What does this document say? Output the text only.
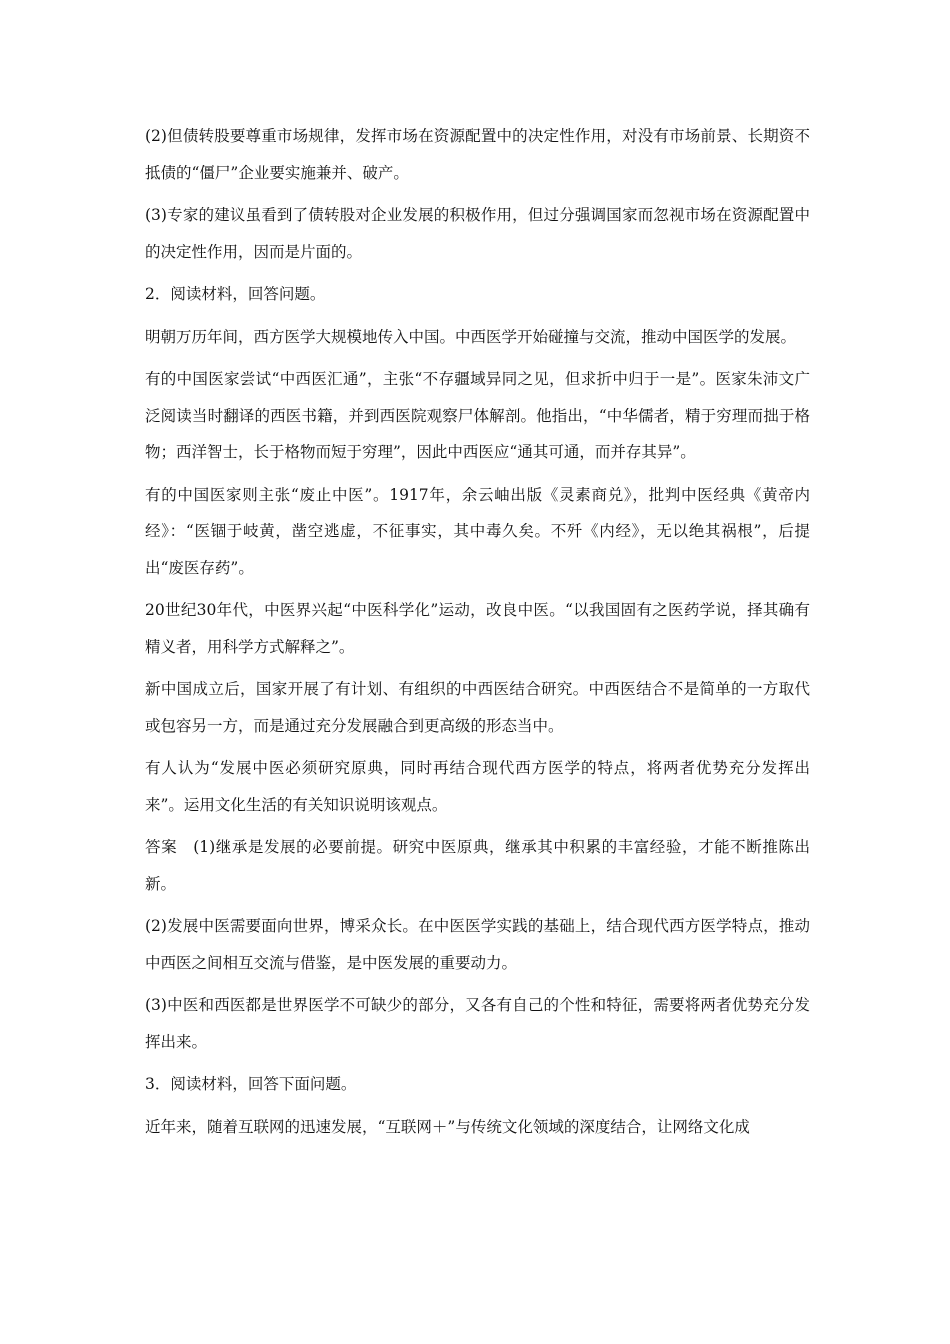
(2)但债转股要尊重市场规律，发挥市场在资源配置中的决定性作用，对没有市场前景、长期资不抵债的“僵尸”企业要实施兼并、破产。

(3)专家的建议虽看到了债转股对企业发展的积极作用，但过分强调国家而忽视市场在资源配置中的决定性作用，因而是片面的。

2．阅读材料，回答问题。

明朝万历年间，西方医学大规模地传入中国。中西医学开始碰撞与交流，推动中国医学的发展。

有的中国医家尝试“中西医汇通”，主张“不存疆域异同之见，但求折中归于一是”。医家朱沛文广泛阅读当时翻译的西医书籍，并到西医院观察尸体解剖。他指出，“中华儒者，精于穷理而拙于格物；西洋智士，长于格物而短于穷理”，因此中西医应“通其可通，而并存其异”。

有的中国医家则主张“废止中医”。1917年，余云岫出版《灵素商兑》，批判中医经典《黄帝内经》：“医锢于岐黄，凿空逃虚，不征事实，其中毒久矣。不歼《内经》，无以绝其祸根”，后提出“废医存药”。

20世纪30年代，中医界兴起“中医科学化”运动，改良中医。“以我国固有之医药学说，择其确有精义者，用科学方式解释之”。

新中国成立后，国家开展了有计划、有组织的中西医结合研究。中西医结合不是简单的一方取代或包容另一方，而是通过充分发展融合到更高级的形态当中。

有人认为“发展中医必须研究原典，同时再结合现代西方医学的特点，将两者优势充分发挥出来”。运用文化生活的有关知识说明该观点。

答案　(1)继承是发展的必要前提。研究中医原典，继承其中积累的丰富经验，才能不断推陈出新。

(2)发展中医需要面向世界，博采众长。在中医医学实践的基础上，结合现代西方医学特点，推动中西医之间相互交流与借鉴，是中医发展的重要动力。

(3)中医和西医都是世界医学不可缺少的部分，又各有自己的个性和特征，需要将两者优势充分发挥出来。

3．阅读材料，回答下面问题。

近年来，随着互联网的迅速发展，“互联网＋”与传统文化领域的深度结合，让网络文化成
